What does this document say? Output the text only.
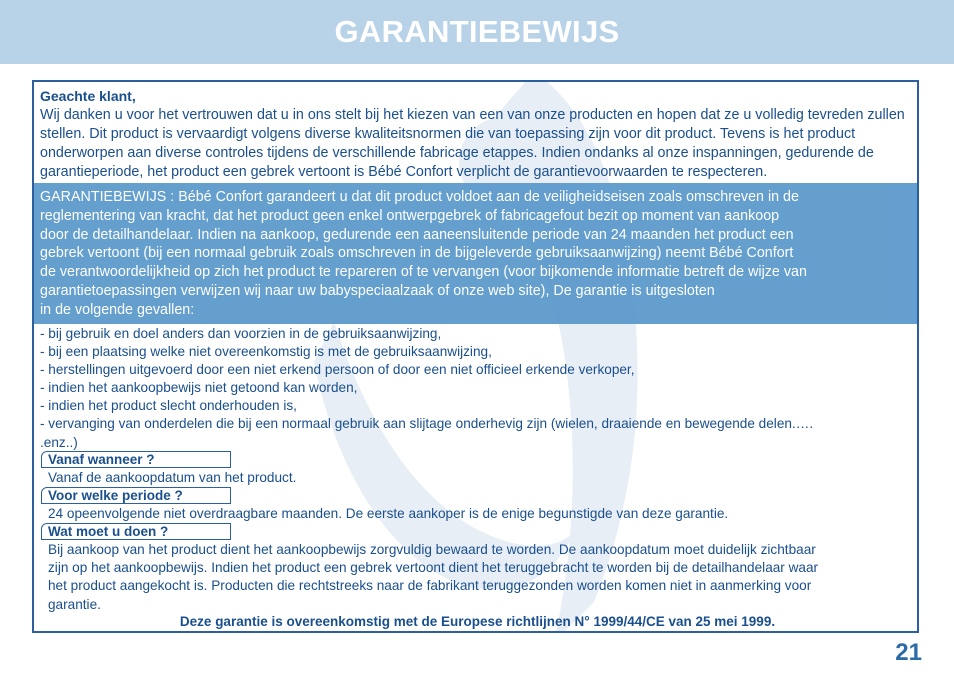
GARANTIEBEWIJS
Geachte klant,
Wij danken u voor het vertrouwen dat u in ons stelt bij het kiezen van een van onze producten en hopen dat ze u volledig tevreden zullen stellen. Dit product is vervaardigt volgens diverse kwaliteitsnormen die van toepassing zijn voor dit product. Tevens is het product onderworpen aan diverse controles tijdens de verschillende fabricage etappes. Indien ondanks al onze inspanningen, gedurende de garantieperiode, het product een gebrek vertoont is Bébé Confort verplicht de garantievoorwaarden te respecteren.
GARANTIEBEWIJS : Bébé Confort garandeert u dat dit product voldoet aan de veiligheidseisen zoals omschreven in de
reglementering van kracht, dat het product geen enkel ontwerpgebrek of fabricagefout bezit op moment van aankoop
door de detailhandelaar. Indien na aankoop, gedurende een aaneensluitende periode van 24 maanden het product een
gebrek vertoont (bij een normaal gebruik zoals omschreven in de bijgeleverde gebruiksaanwijzing) neemt Bébé Confort
de verantwoordelijkheid op zich het product te repareren of te vervangen (voor bijkomende informatie betreft de wijze van
garantietoepassingen verwijzen wij naar uw babyspeciaalzaak of onze web site), De garantie is uitgesloten
in de volgende gevallen:
- bij gebruik en doel anders dan voorzien in de gebruiksaanwijzing,
- bij een plaatsing welke niet overeenkomstig is met de gebruiksaanwijzing,
- herstellingen uitgevoerd door een niet erkend persoon of door een niet officieel erkende verkoper,
- indien het aankoopbewijs niet getoond kan worden,
- indien het product slecht onderhouden is,
- vervanging van onderdelen die bij een normaal gebruik aan slijtage onderhevig zijn (wielen, draaiende en bewegende delen.….
.enz..)
Vanaf wanneer ?
Vanaf de aankoopdatum van het product.
Voor welke periode ?
24 opeenvolgende niet overdraagbare maanden. De eerste aankoper is de enige begunstigde van deze garantie.
Wat moet u doen ?
Bij aankoop van het product dient het aankoopbewijs zorgvuldig bewaard te worden. De aankoopdatum moet duidelijk zichtbaar
zijn op het aankoopbewijs. Indien het product een gebrek vertoont dient het teruggebracht te worden bij de detailhandelaar waar
het product aangekocht is. Producten die rechtstreeks naar de fabrikant teruggezonden worden komen niet in aanmerking voor
garantie.
Deze garantie is overeenkomstig met de Europese richtlijnen N° 1999/44/CE van 25 mei 1999.
21
